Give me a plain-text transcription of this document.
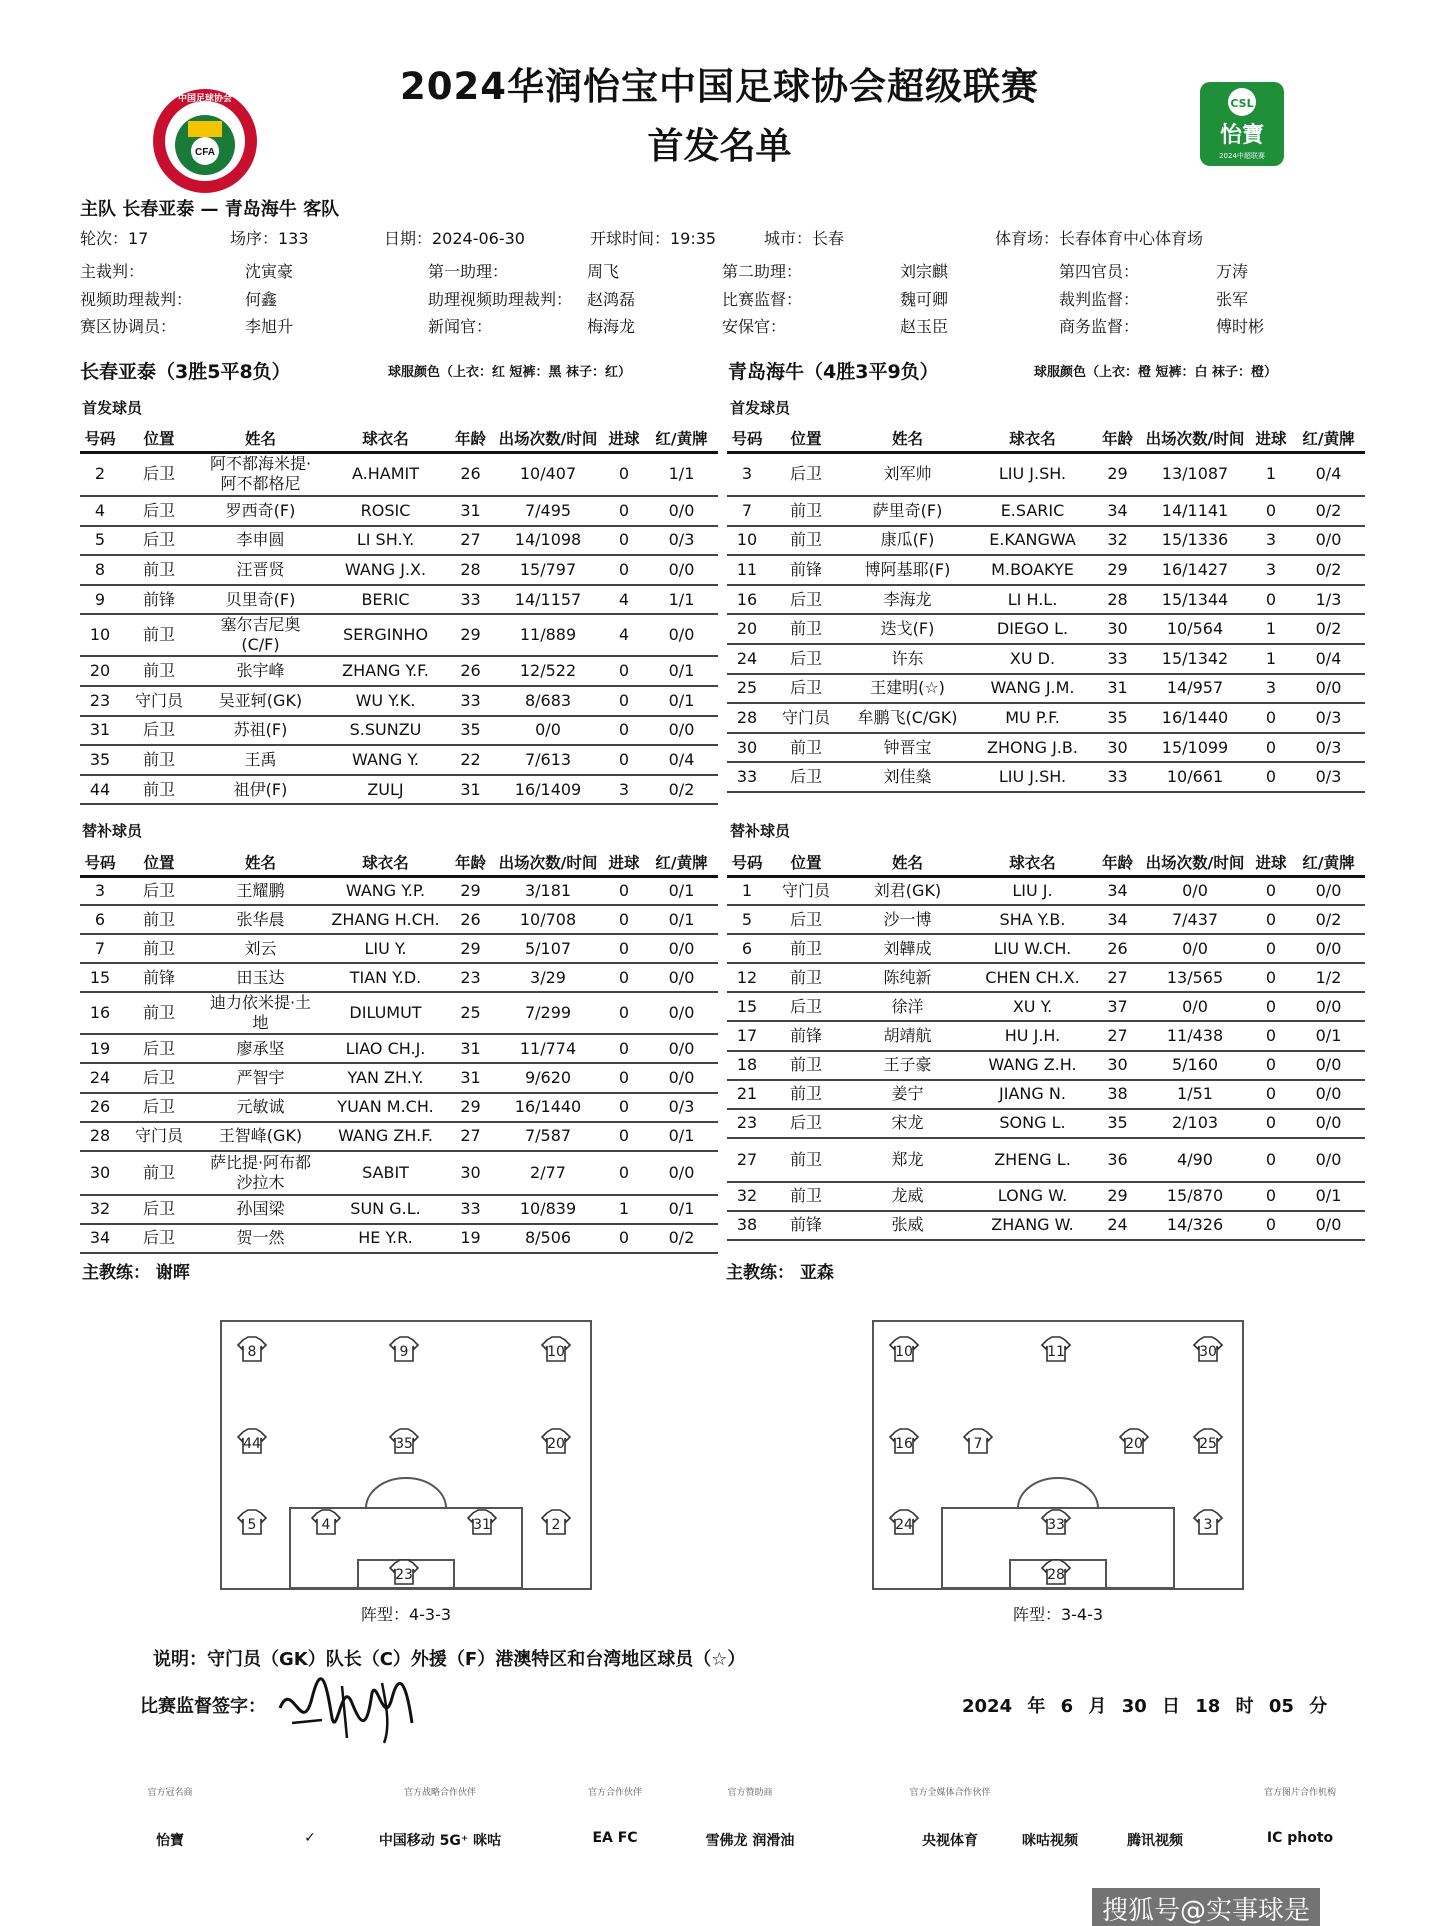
CFA
中国足球协会	CSL
怡寶
2024中超联赛
2024华润怡宝中国足球协会超级联赛
首发名单
主队 长春亚泰 — 青岛海牛 客队
轮次：17	场序：133	日期：2024-06-30	开球时间：19:35	城市：长春	体育场：长春体育中心体育场
主裁判：	沈寅豪	第一助理：	周飞	第二助理：	刘宗麒	第四官员：	万涛
视频助理裁判：	何鑫	助理视频助理裁判： 赵鸿磊	比赛监督：	魏可卿	裁判监督：	张军
赛区协调员：	李旭升	新闻官：	梅海龙	安保官：	赵玉臣	商务监督：	傅时彬
长春亚泰（3胜5平8负）	球服颜色（上衣：红 短裤：黑 袜子：红）	青岛海牛（4胜3平9负）	球服颜色（上衣：橙 短裤：白 袜子：橙）
首发球员	首发球员
替补球员	替补球员
号码	位置	姓名	球衣名	年龄	出场次数/时间	进球	红/黄牌
2	后卫	阿不都海米提·阿不都格尼	A.HAMIT	26	10/407	0	1/1
4	后卫	罗西奇(F)	ROSIC	31	7/495	0	0/0
5	后卫	李申圆	LI SH.Y.	27	14/1098	0	0/3
8	前卫	汪晋贤	WANG J.X.	28	15/797	0	0/0
9	前锋	贝里奇(F)	BERIC	33	14/1157	4	1/1
10	前卫	塞尔吉尼奥(C/F)	SERGINHO	29	11/889	4	0/0
20	前卫	张宇峰	ZHANG Y.F.	26	12/522	0	0/1
23	守门员	吴亚轲(GK)	WU Y.K.	33	8/683	0	0/1
31	后卫	苏祖(F)	S.SUNZU	35	0/0	0	0/0
35	前卫	王禹	WANG Y.	22	7/613	0	0/4
44	前卫	祖伊(F)	ZULJ	31	16/1409	3	0/2
号码	位置	姓名	球衣名	年龄	出场次数/时间	进球	红/黄牌
3	后卫	刘军帅	LIU J.SH.	29	13/1087	1	0/4
7	前卫	萨里奇(F)	E.SARIC	34	14/1141	0	0/2
10	前卫	康瓜(F)	E.KANGWA	32	15/1336	3	0/0
11	前锋	博阿基耶(F)	M.BOAKYE	29	16/1427	3	0/2
16	后卫	李海龙	LI H.L.	28	15/1344	0	1/3
20	前卫	迭戈(F)	DIEGO L.	30	10/564	1	0/2
24	后卫	许东	XU D.	33	15/1342	1	0/4
25	后卫	王建明(☆)	WANG J.M.	31	14/957	3	0/0
28	守门员	牟鹏飞(C/GK)	MU P.F.	35	16/1440	0	0/3
30	前卫	钟晋宝	ZHONG J.B.	30	15/1099	0	0/3
33	后卫	刘佳燊	LIU J.SH.	33	10/661	0	0/3
号码	位置	姓名	球衣名	年龄	出场次数/时间	进球	红/黄牌
3	后卫	王耀鹏	WANG Y.P.	29	3/181	0	0/1
6	前卫	张华晨	ZHANG H.CH.	26	10/708	0	0/1
7	前卫	刘云	LIU Y.	29	5/107	0	0/0
15	前锋	田玉达	TIAN Y.D.	23	3/29	0	0/0
16	前卫	迪力依米提·土地	DILUMUT	25	7/299	0	0/0
19	后卫	廖承坚	LIAO CH.J.	31	11/774	0	0/0
24	后卫	严智宇	YAN ZH.Y.	31	9/620	0	0/0
26	后卫	元敏诚	YUAN M.CH.	29	16/1440	0	0/3
28	守门员	王智峰(GK)	WANG ZH.F.	27	7/587	0	0/1
30	前卫	萨比提·阿布都沙拉木	SABIT	30	2/77	0	0/0
32	后卫	孙国梁	SUN G.L.	33	10/839	1	0/1
34	后卫	贺一然	HE Y.R.	19	8/506	0	0/2
号码	位置	姓名	球衣名	年龄	出场次数/时间	进球	红/黄牌
1	守门员	刘君(GK)	LIU J.	34	0/0	0	0/0
5	后卫	沙一博	SHA Y.B.	34	7/437	0	0/2
6	前卫	刘韡成	LIU W.CH.	26	0/0	0	0/0
12	前卫	陈纯新	CHEN CH.X.	27	13/565	0	1/2
15	后卫	徐洋	XU Y.	37	0/0	0	0/0
17	前锋	胡靖航	HU J.H.	27	11/438	0	0/1
18	前卫	王子豪	WANG Z.H.	30	5/160	0	0/0
21	前卫	姜宁	JIANG N.	38	1/51	0	0/0
23	后卫	宋龙	SONG L.	35	2/103	0	0/0
27	前卫	郑龙	ZHENG L.	36	4/90	0	0/0
32	前卫	龙威	LONG W.	29	15/870	0	0/1
38	前锋	张威	ZHANG W.	24	14/326	0	0/0
主教练： 谢晖	主教练： 亚森
8	9	10
44	35	20
5	4	31	2
23
10	11	30
16	7	20	25
24	33	3
28
阵型：4-3-3	阵型：3-4-3
说明：守门员（GK）队长（C）外援（F）港澳特区和台湾地区球员（☆）
比赛监督签字：	2024 年 6 月 30 日 18 时 05 分
官方冠名商
怡寶	✓
官方战略合作伙伴
中国移动 5G⁺ 咪咕
官方合作伙伴
EA FC
官方赞助商
雪佛龙 润滑油
官方全媒体合作伙伴
央视体育	咪咕视频	腾讯视频
官方图片合作机构
IC photo
搜狐号@实事球是
